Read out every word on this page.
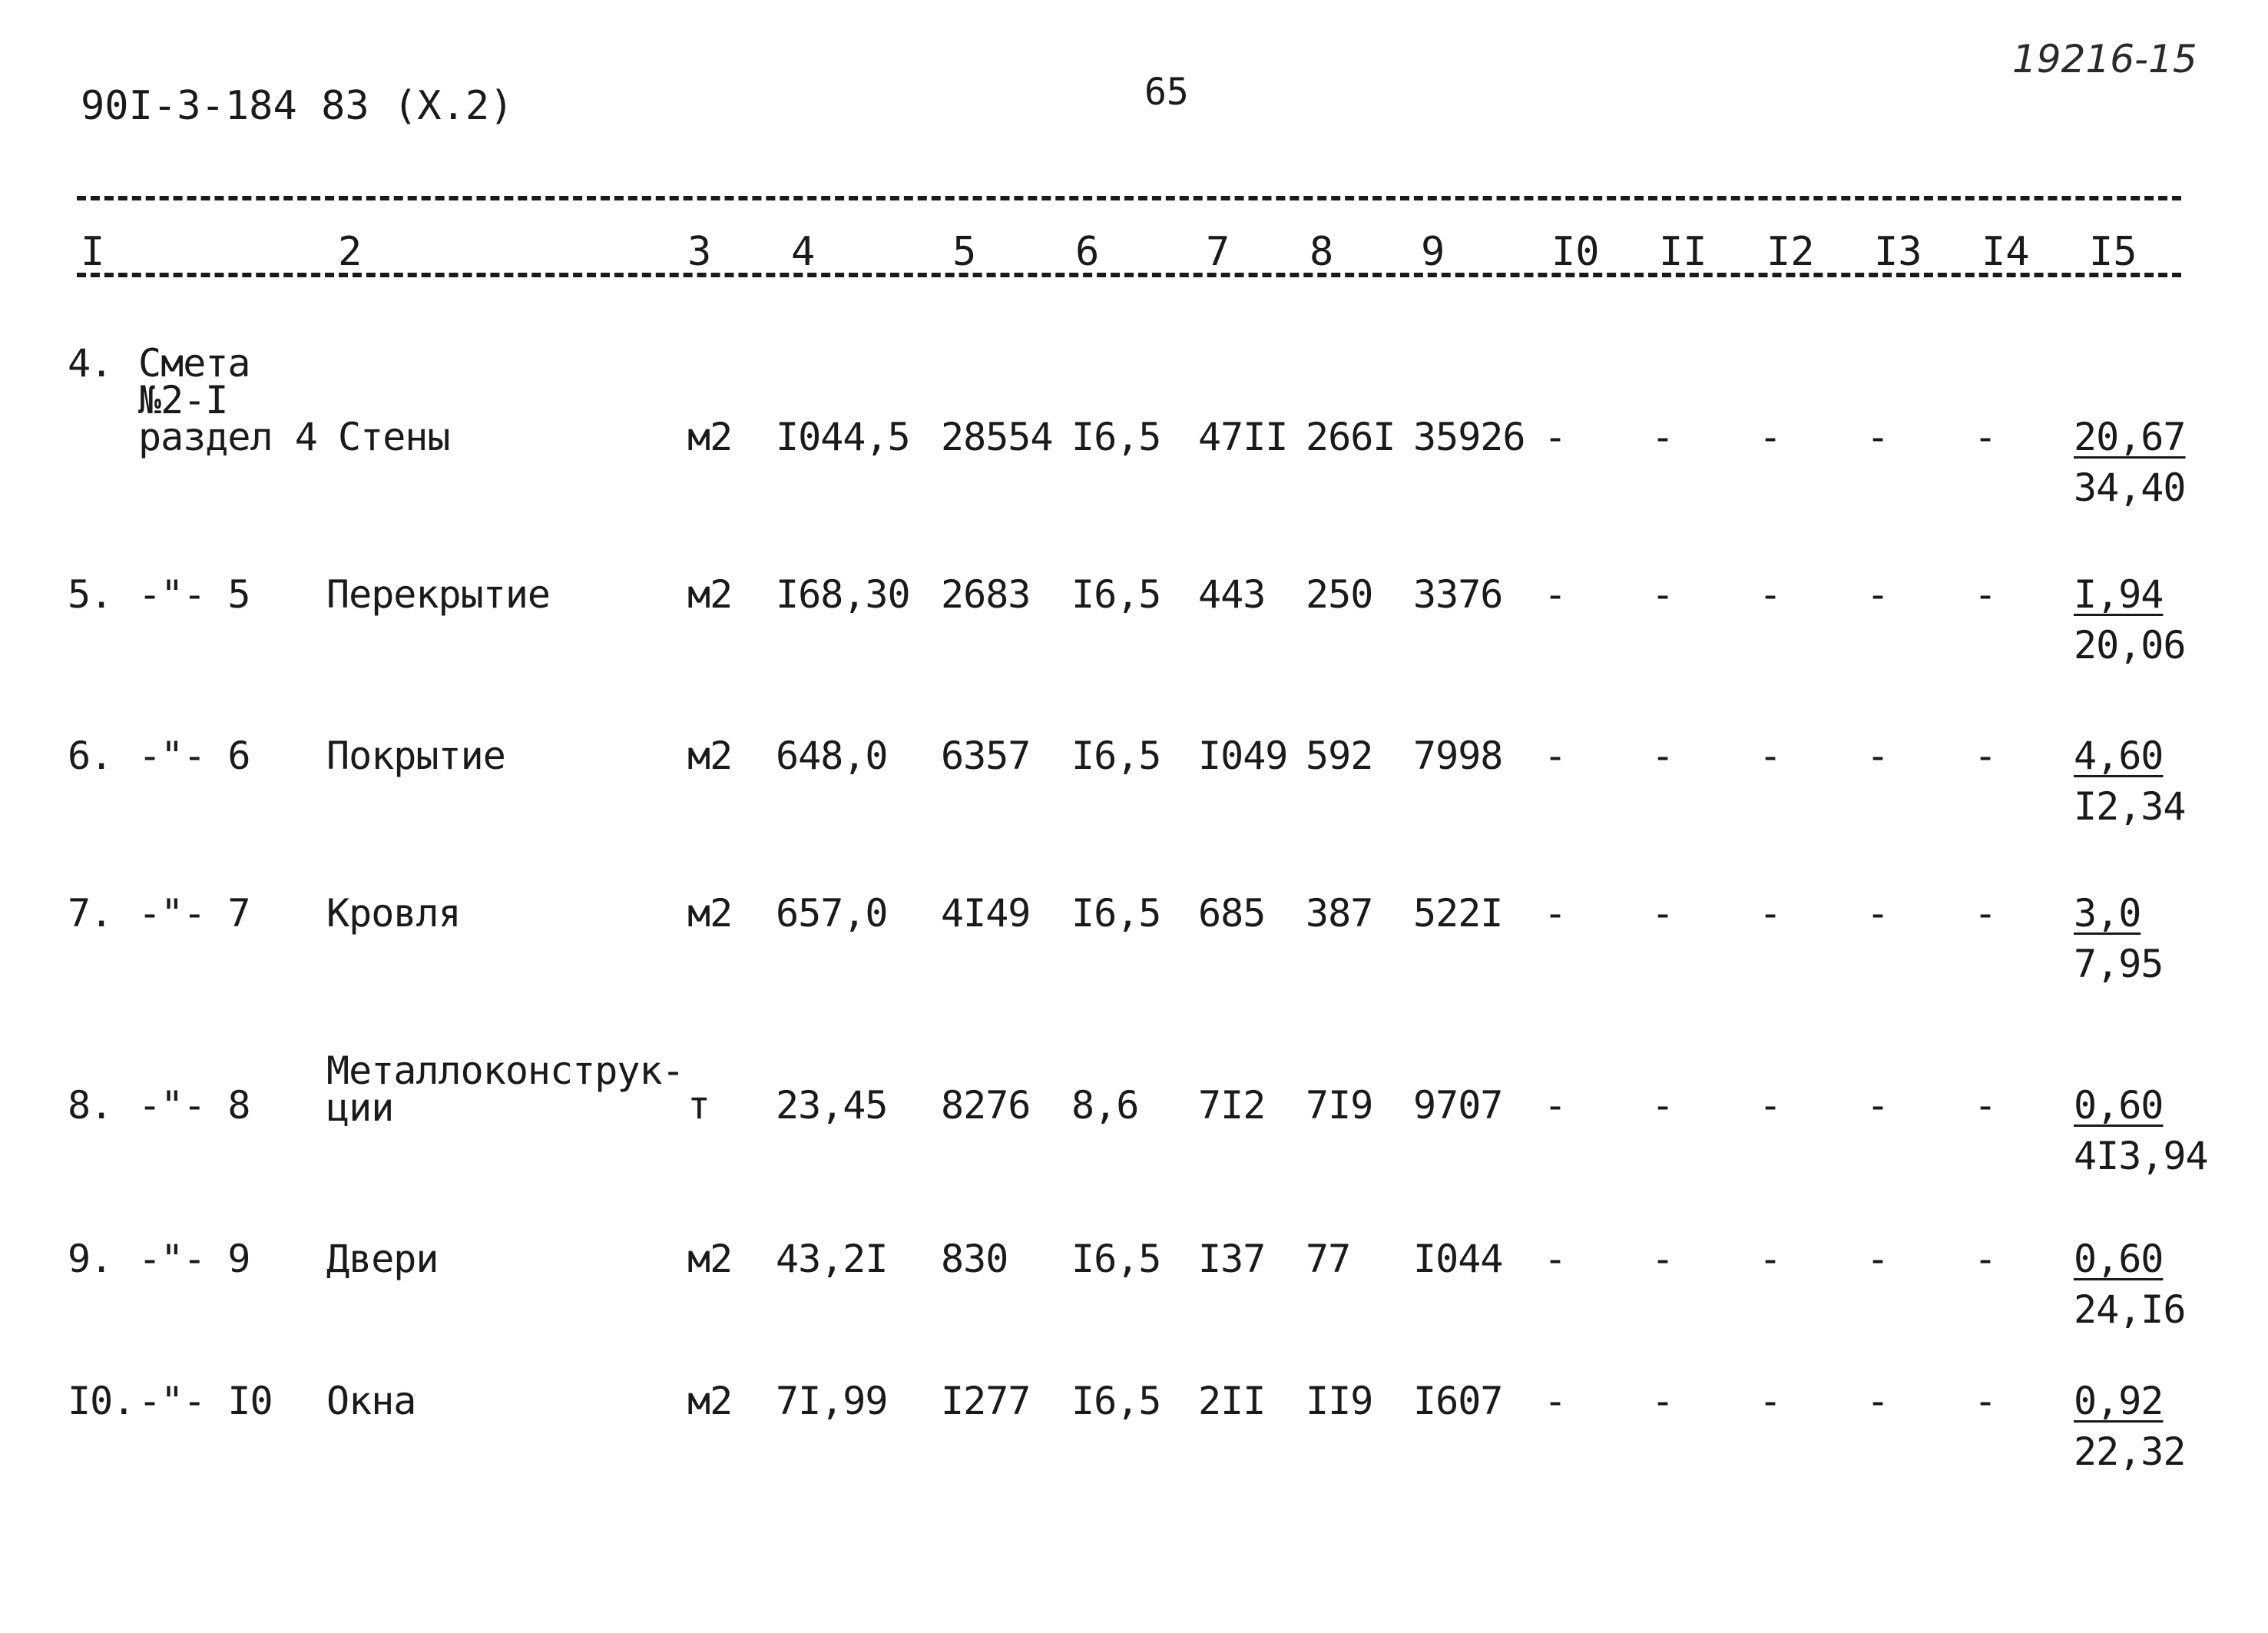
90I-3-184 83 (X.2)	65
19216-15
I	2	3 4	5 6	7 8 9	I0 II I2 I3 I4 I5
4. Смета
№2-I
раздел 4 Стены	м2 I044,5 28554 I6,5 47II 266I 35926 - - - - - 20,67
34,40
5. -"- 5 Перекрытие	м2 I68,30 2683 I6,5 443 250 3376 - - - - - I,94
20,06
6. -"- 6 Покрытие	м2 648,0 6357 I6,5 I049 592 7998 - - - - - 4,60
I2,34
7. -"- 7 Кровля	м2 657,0 4I49 I6,5 685 387 522I - - - - - 3,0
7,95
8. -"- 8
Металлоконструк-
ции	т 23,45 8276 8,6 7I2 7I9 9707 - - - - - 0,60
4I3,94
9. -"- 9 Двери	м2 43,2I 830 I6,5 I37 77 I044 - - - - - 0,60
24,I6
I0. -"- I0 Окна	м2 7I,99 I277 I6,5 2II II9 I607 - - - - - 0,92
22,32
